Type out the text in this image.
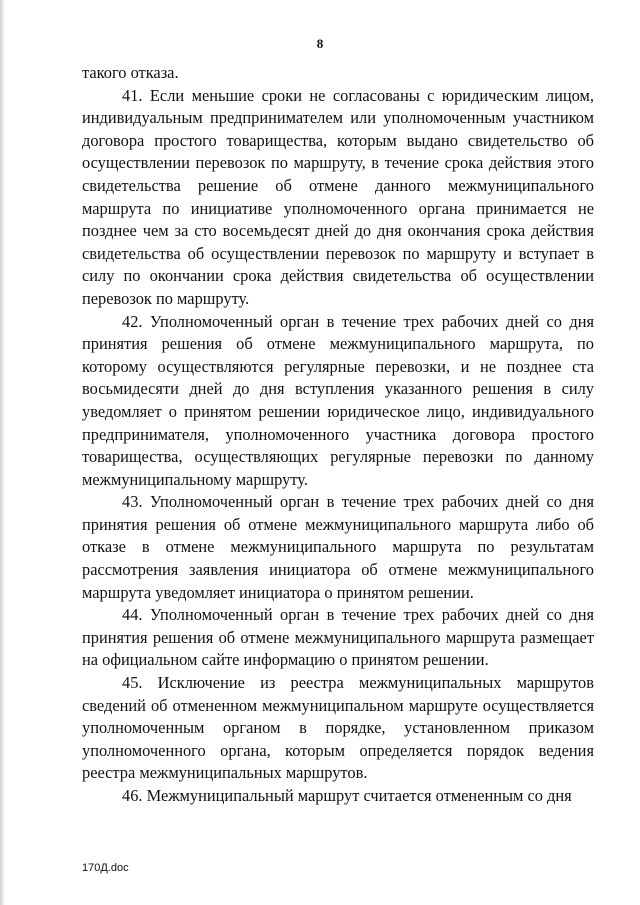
8

такого отказа.

41. Если меньшие сроки не согласованы с юридическим лицом, индивидуальным предпринимателем или уполномоченным участником договора простого товарищества, которым выдано свидетельство об осуществлении перевозок по маршруту, в течение срока действия этого свидетельства решение об отмене данного межмуниципального маршрута по инициативе уполномоченного органа принимается не позднее чем за сто восемьдесят дней до дня окончания срока действия свидетельства об осуществлении перевозок по маршруту и вступает в силу по окончании срока действия свидетельства об осуществлении перевозок по маршруту.

42. Уполномоченный орган в течение трех рабочих дней со дня принятия решения об отмене межмуниципального маршрута, по которому осуществляются регулярные перевозки, и не позднее ста восьмидесяти дней до дня вступления указанного решения в силу уведомляет о принятом решении юридическое лицо, индивидуального предпринимателя, уполномоченного участника договора простого товарищества, осуществляющих регулярные перевозки по данному межмуниципальному маршруту.

43. Уполномоченный орган в течение трех рабочих дней со дня принятия решения об отмене межмуниципального маршрута либо об отказе в отмене межмуниципального маршрута по результатам рассмотрения заявления инициатора об отмене межмуниципального маршрута уведомляет инициатора о принятом решении.

44. Уполномоченный орган в течение трех рабочих дней со дня принятия решения об отмене межмуниципального маршрута размещает на официальном сайте информацию о принятом решении.

45. Исключение из реестра межмуниципальных маршрутов сведений об отмененном межмуниципальном маршруте осуществляется уполномоченным органом в порядке, установленном приказом уполномоченного органа, которым определяется порядок ведения реестра межмуниципальных маршрутов.

46. Межмуниципальный маршрут считается отмененным со дня

170Д.doc
